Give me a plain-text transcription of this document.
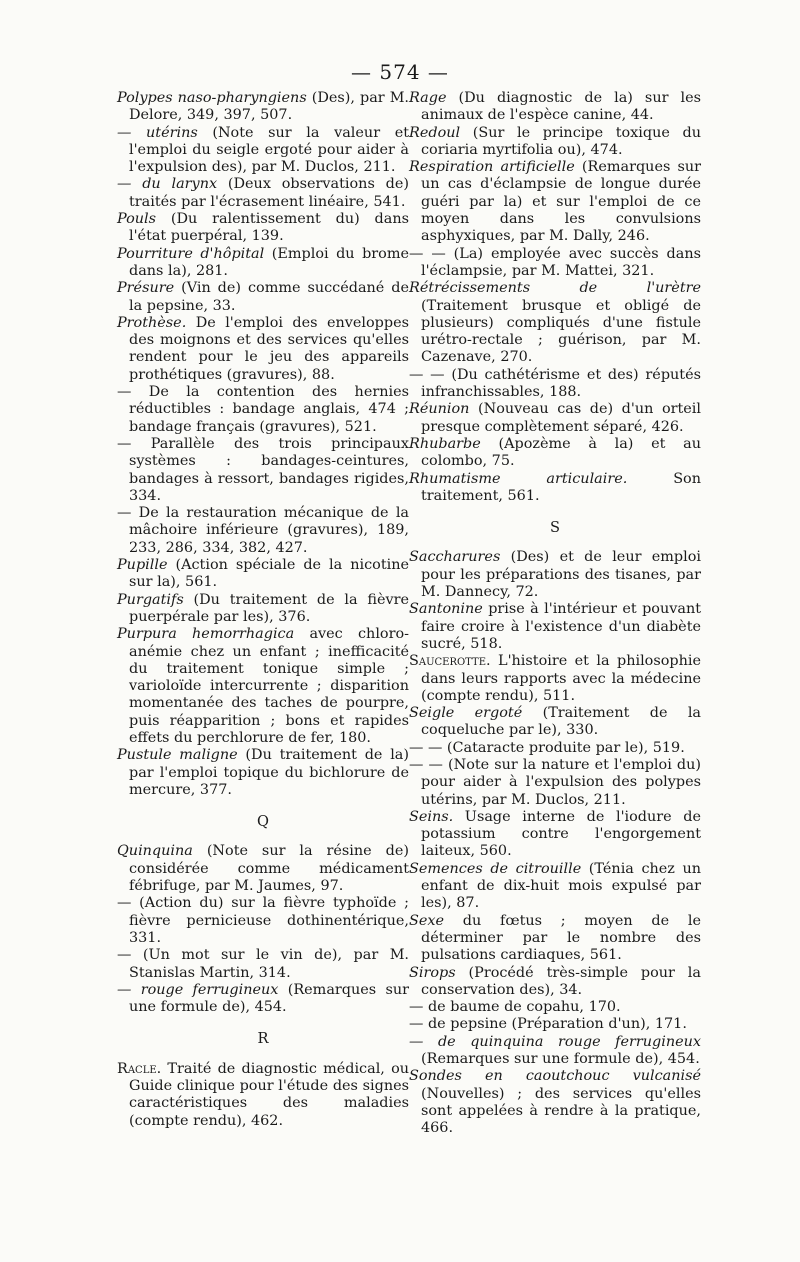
— 574 —

Polypes naso-pharyngiens (Des), par M. Delore, 349, 397, 507.

— utérins (Note sur la valeur et l'emploi du seigle ergoté pour aider à l'expulsion des), par M. Duclos, 211.

— du larynx (Deux observations de) traités par l'écrasement linéaire, 541.

Pouls (Du ralentissement du) dans l'état puerpéral, 139.

Pourriture d'hôpital (Emploi du brome dans la), 281.

Présure (Vin de) comme succédané de la pepsine, 33.

Prothèse. De l'emploi des enveloppes des moignons et des services qu'elles rendent pour le jeu des appareils prothétiques (gravures), 88.

— De la contention des hernies réductibles : bandage anglais, 474 ; bandage français (gravures), 521.

— Parallèle des trois principaux systèmes : bandages-ceintures, bandages à ressort, bandages rigides, 334.

— De la restauration mécanique de la mâchoire inférieure (gravures), 189, 233, 286, 334, 382, 427.

Pupille (Action spéciale de la nicotine sur la), 561.

Purgatifs (Du traitement de la fièvre puerpérale par les), 376.

Purpura hemorrhagica avec chloro-anémie chez un enfant ; inefficacité du traitement tonique simple ; varioloïde intercurrente ; disparition momentanée des taches de pourpre, puis réapparition ; bons et rapides effets du perchlorure de fer, 180.

Pustule maligne (Du traitement de la) par l'emploi topique du bichlorure de mercure, 377.

Q

Quinquina (Note sur la résine de) considérée comme médicament fébrifuge, par M. Jaumes, 97.

— (Action du) sur la fièvre typhoïde ; fièvre pernicieuse dothinentérique, 331.

— (Un mot sur le vin de), par M. Stanislas Martin, 314.

— rouge ferrugineux (Remarques sur une formule de), 454.

R

Racle. Traité de diagnostic médical, ou Guide clinique pour l'étude des signes caractéristiques des maladies (compte rendu), 462.

Rage (Du diagnostic de la) sur les animaux de l'espèce canine, 44.

Redoul (Sur le principe toxique du coriaria myrtifolia ou), 474.

Respiration artificielle (Remarques sur un cas d'éclampsie de longue durée guéri par la) et sur l'emploi de ce moyen dans les convulsions asphyxiques, par M. Dally, 246.

— — (La) employée avec succès dans l'éclampsie, par M. Mattei, 321.

Rétrécissements de l'urètre (Traitement brusque et obligé de plusieurs) compliqués d'une fistule urétro-rectale ; guérison, par M. Cazenave, 270.

— — (Du cathétérisme et des) réputés infranchissables, 188.

Réunion (Nouveau cas de) d'un orteil presque complètement séparé, 426.

Rhubarbe (Apozème à la) et au colombo, 75.

Rhumatisme articulaire. Son traitement, 561.

S

Saccharures (Des) et de leur emploi pour les préparations des tisanes, par M. Dannecy, 72.

Santonine prise à l'intérieur et pouvant faire croire à l'existence d'un diabète sucré, 518.

Saucerotte. L'histoire et la philosophie dans leurs rapports avec la médecine (compte rendu), 511.

Seigle ergoté (Traitement de la coqueluche par le), 330.

— — (Cataracte produite par le), 519.

— — (Note sur la nature et l'emploi du) pour aider à l'expulsion des polypes utérins, par M. Duclos, 211.

Seins. Usage interne de l'iodure de potassium contre l'engorgement laiteux, 560.

Semences de citrouille (Ténia chez un enfant de dix-huit mois expulsé par les), 87.

Sexe du fœtus ; moyen de le déterminer par le nombre des pulsations cardiaques, 561.

Sirops (Procédé très-simple pour la conservation des), 34.

— de baume de copahu, 170.

— de pepsine (Préparation d'un), 171.

— de quinquina rouge ferrugineux (Remarques sur une formule de), 454.

Sondes en caoutchouc vulcanisé (Nouvelles) ; des services qu'elles sont appelées à rendre à la pratique, 466.
